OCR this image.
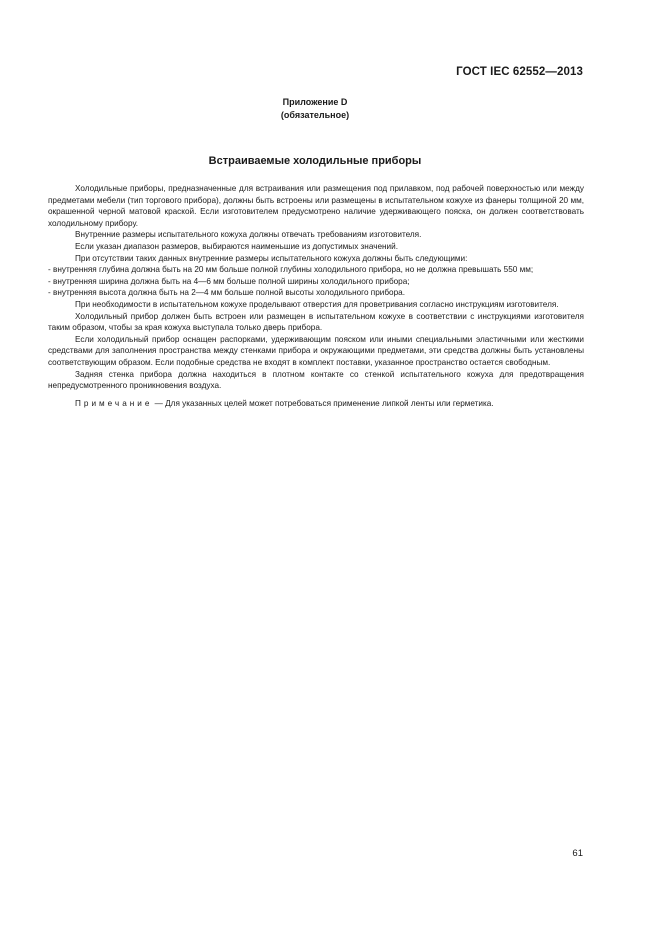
ГОСТ IEC 62552—2013
Приложение D
(обязательное)
Встраиваемые холодильные приборы

Холодильные приборы, предназначенные для встраивания или размещения под прилавком, под рабочей поверхностью или между предметами мебели (тип торгового прибора), должны быть встроены или размещены в испытательном кожухе из фанеры толщиной 20 мм, окрашенной черной матовой краской. Если изготовителем предусмотрено наличие удерживающего пояска, он должен соответствовать холодильному прибору.

Внутренние размеры испытательного кожуха должны отвечать требованиям изготовителя.

Если указан диапазон размеров, выбираются наименьшие из допустимых значений.

При отсутствии таких данных внутренние размеры испытательного кожуха должны быть следующими:

- внутренняя глубина должна быть на 20 мм больше полной глубины холодильного прибора, но не должна превышать 550 мм;

- внутренняя ширина должна быть на 4—6 мм больше полной ширины холодильного прибора;

- внутренняя высота должна быть на 2—4 мм больше полной высоты холодильного прибора.

При необходимости в испытательном кожухе проделывают отверстия для проветривания согласно инструкциям изготовителя.

Холодильный прибор должен быть встроен или размещен в испытательном кожухе в соответствии с инструкциями изготовителя таким образом, чтобы за края кожуха выступала только дверь прибора.

Если холодильный прибор оснащен распорками, удерживающим пояском или иными специальными эластичными или жесткими средствами для заполнения пространства между стенками прибора и окружающими предметами, эти средства должны быть установлены соответствующим образом. Если подобные средства не входят в комплект поставки, указанное пространство остается свободным.

Задняя стенка прибора должна находиться в плотном контакте со стенкой испытательного кожуха для предотвращения непредусмотренного проникновения воздуха.

Примечание — Для указанных целей может потребоваться применение липкой ленты или герметика.

61
